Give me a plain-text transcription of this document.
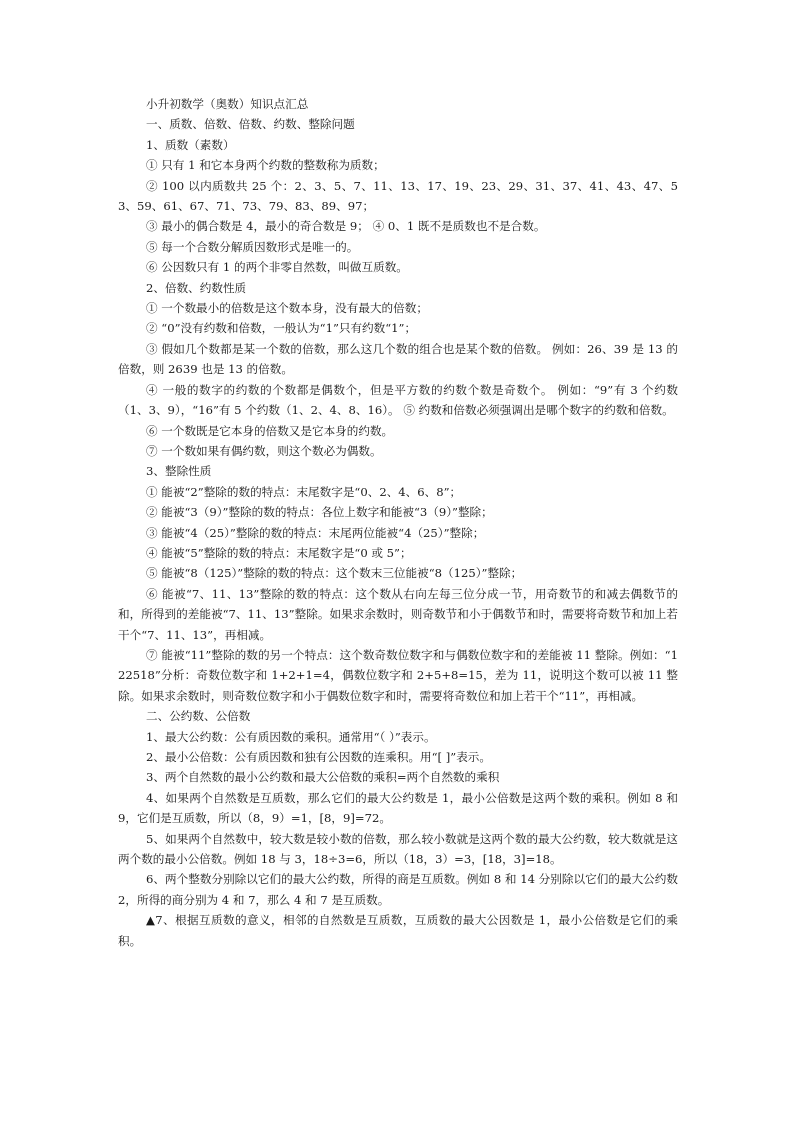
小升初数学（奥数）知识点汇总

一、质数、倍数、倍数、约数、整除问题

1、质数（素数）

① 只有 1 和它本身两个约数的整数称为质数；

② 100 以内质数共 25 个：2、3、5、7、11、13、17、19、23、29、31、37、41、43、47、53、59、61、67、71、73、79、83、89、97；

③ 最小的偶合数是 4，最小的奇合数是 9； ④ 0、1 既不是质数也不是合数。

⑤ 每一个合数分解质因数形式是唯一的。

⑥ 公因数只有 1 的两个非零自然数，叫做互质数。

2、倍数、约数性质

① 一个数最小的倍数是这个数本身，没有最大的倍数；

② “0”没有约数和倍数，一般认为“1”只有约数“1”；

③ 假如几个数都是某一个数的倍数，那么这几个数的组合也是某个数的倍数。 例如：26、39 是 13 的倍数，则 2639 也是 13 的倍数。

④ 一般的数字的约数的个数都是偶数个，但是平方数的约数个数是奇数个。 例如：“9”有 3 个约数（1、3、9），“16”有 5 个约数（1、2、4、8、16）。 ⑤ 约数和倍数必须强调出是哪个数字的约数和倍数。

⑥ 一个数既是它本身的倍数又是它本身的约数。

⑦ 一个数如果有偶约数，则这个数必为偶数。

3、整除性质

① 能被“2”整除的数的特点：末尾数字是“0、2、4、6、8”；

② 能被“3（9）”整除的数的特点：各位上数字和能被“3（9）”整除；

③ 能被“4（25）”整除的数的特点：末尾两位能被“4（25）”整除；

④ 能被“5”整除的数的特点：末尾数字是“0 或 5”；

⑤ 能被“8（125）”整除的数的特点：这个数末三位能被“8（125）”整除；

⑥ 能被“7、11、13”整除的数的特点：这个数从右向左每三位分成一节，用奇数节的和减去偶数节的和，所得到的差能被“7、11、13”整除。如果求余数时，则奇数节和小于偶数节和时，需要将奇数节和加上若干个“7、11、13”，再相减。

⑦ 能被“11”整除的数的另一个特点：这个数奇数位数字和与偶数位数字和的差能被 11 整除。例如：“122518”分析：奇数位数字和 1+2+1=4，偶数位数字和 2+5+8=15，差为 11，说明这个数可以被 11 整除。如果求余数时，则奇数位数字和小于偶数位数字和时，需要将奇数位和加上若干个“11”，再相减。

二、公约数、公倍数

1、最大公约数：公有质因数的乘积。通常用“（ ）”表示。

2、最小公倍数：公有质因数和独有公因数的连乘积。用“[ ]”表示。

3、两个自然数的最小公约数和最大公倍数的乘积=两个自然数的乘积

4、如果两个自然数是互质数，那么它们的最大公约数是 1，最小公倍数是这两个数的乘积。例如 8 和 9，它们是互质数，所以（8，9）=1，[8，9]=72。

5、如果两个自然数中，较大数是较小数的倍数，那么较小数就是这两个数的最大公约数，较大数就是这两个数的最小公倍数。例如 18 与 3，18÷3=6，所以（18，3）=3，[18，3]=18。

6、两个整数分别除以它们的最大公约数，所得的商是互质数。例如 8 和 14 分别除以它们的最大公约数 2，所得的商分别为 4 和 7，那么 4 和 7 是互质数。

▲7、根据互质数的意义，相邻的自然数是互质数，互质数的最大公因数是 1，最小公倍数是它们的乘积。
